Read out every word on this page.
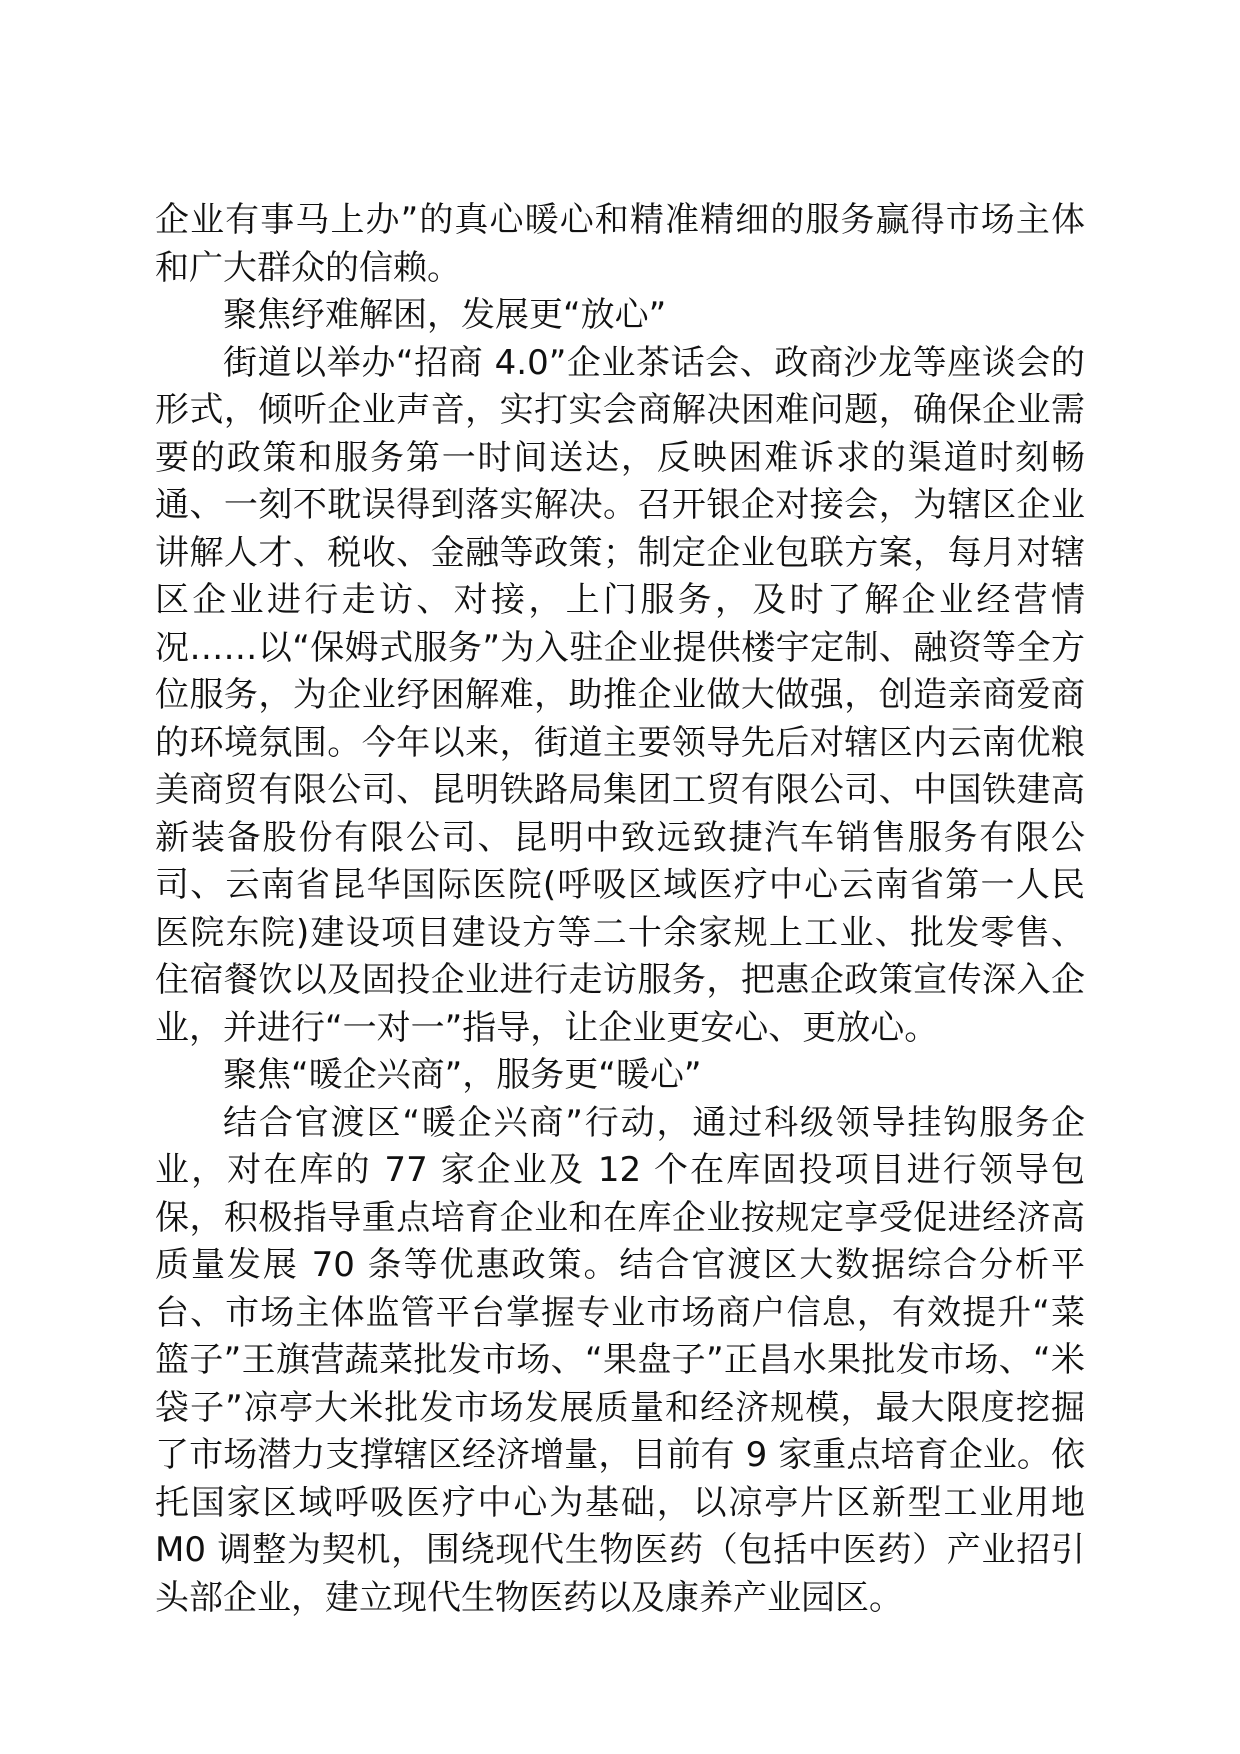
企业有事马上办”的真心暖心和精准精细的服务赢得市场主体和广大群众的信赖。

聚焦纾难解困，发展更“放心”

街道以举办“招商 4.0”企业茶话会、政商沙龙等座谈会的形式，倾听企业声音，实打实会商解决困难问题，确保企业需要的政策和服务第一时间送达，反映困难诉求的渠道时刻畅通、一刻不耽误得到落实解决。召开银企对接会，为辖区企业讲解人才、税收、金融等政策；制定企业包联方案，每月对辖区企业进行走访、对接，上门服务，及时了解企业经营情况……以“保姆式服务”为入驻企业提供楼宇定制、融资等全方位服务，为企业纾困解难，助推企业做大做强，创造亲商爱商的环境氛围。今年以来，街道主要领导先后对辖区内云南优粮美商贸有限公司、昆明铁路局集团工贸有限公司、中国铁建高新装备股份有限公司、昆明中致远致捷汽车销售服务有限公司、云南省昆华国际医院(呼吸区域医疗中心云南省第一人民医院东院)建设项目建设方等二十余家规上工业、批发零售、住宿餐饮以及固投企业进行走访服务，把惠企政策宣传深入企业，并进行“一对一”指导，让企业更安心、更放心。

聚焦“暖企兴商”，服务更“暖心”

结合官渡区“暖企兴商”行动，通过科级领导挂钩服务企业，对在库的 77 家企业及 12 个在库固投项目进行领导包保，积极指导重点培育企业和在库企业按规定享受促进经济高质量发展 70 条等优惠政策。结合官渡区大数据综合分析平台、市场主体监管平台掌握专业市场商户信息，有效提升“菜篮子”王旗营蔬菜批发市场、“果盘子”正昌水果批发市场、“米袋子”凉亭大米批发市场发展质量和经济规模，最大限度挖掘了市场潜力支撑辖区经济增量，目前有 9 家重点培育企业。依托国家区域呼吸医疗中心为基础，以凉亭片区新型工业用地 M0 调整为契机，围绕现代生物医药（包括中医药）产业招引头部企业，建立现代生物医药以及康养产业园区。
